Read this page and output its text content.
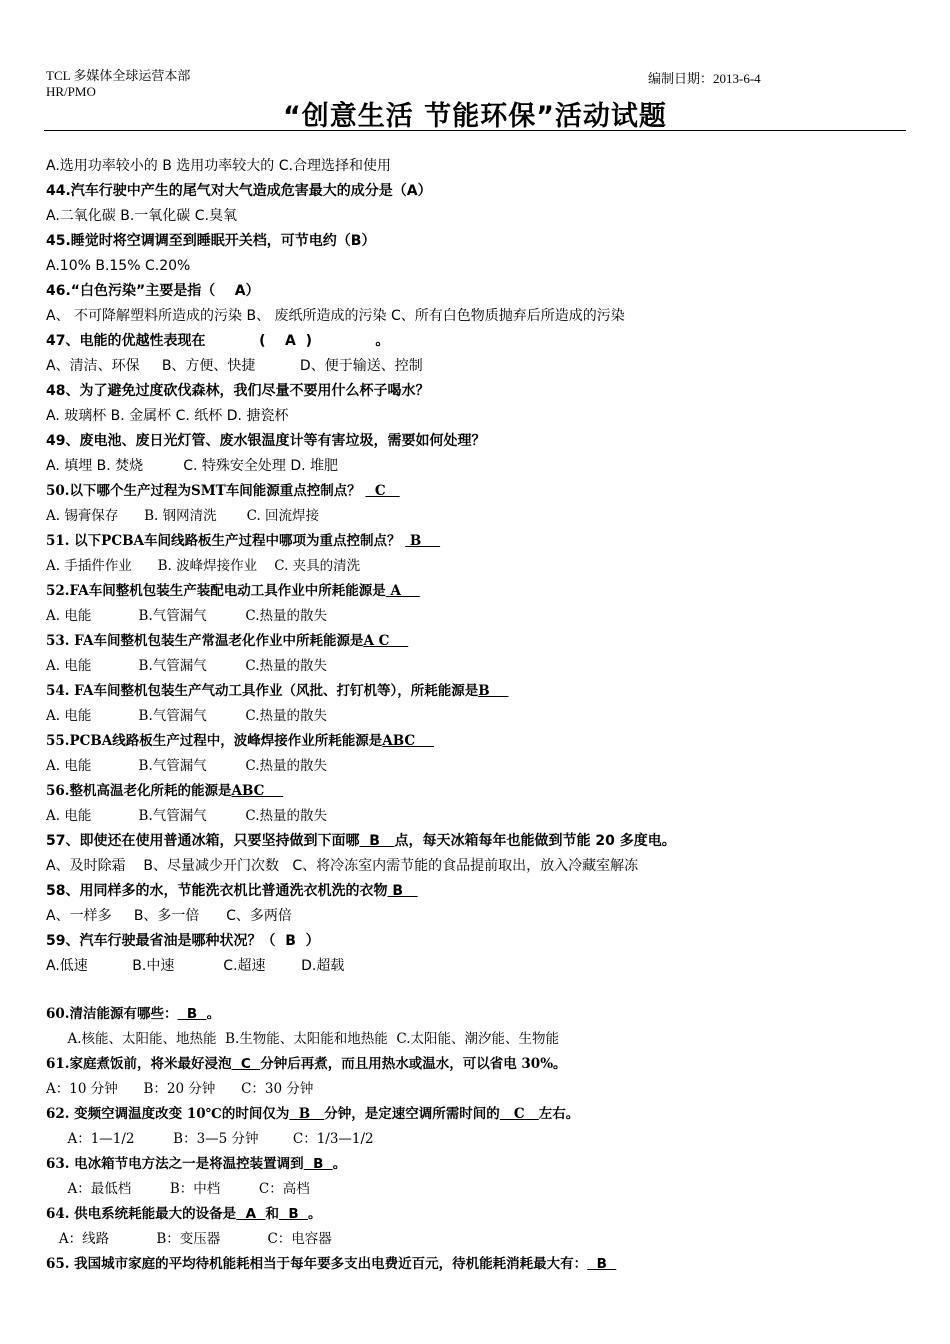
TCL 多媒体全球运营本部
HR/PMO
编制日期：2013-6-4
“创意生活 节能环保”活动试题
A.选用功率较小的 B 选用功率较大的 C.合理选择和使用
44.汽车行驶中产生的尾气对大气造成危害最大的成分是（A）
A.二氧化碳 B.一氧化碳 C.臭氧
45.睡觉时将空调调至到睡眠开关档，可节电约（B）
A.10% B.15% C.20%
46.“白色污染”主要是指（    A）
A、 不可降解塑料所造成的污染 B、 废纸所造成的污染 C、所有白色物质抛弃后所造成的污染
47、电能的优越性表现在           (    A  )             。
A、清洁、环保     B、方便、快捷          D、便于输送、控制
48、为了避免过度砍伐森林，我们尽量不要用什么杯子喝水？
A. 玻璃杯 B. 金属杯 C. 纸杯 D. 搪瓷杯
49、废电池、废日光灯管、废水银温度计等有害垃圾，需要如何处理？
A. 填埋 B. 焚烧         C. 特殊安全处理 D. 堆肥
50.以下哪个生产过程为SMT车间能源重点控制点？   C
A. 锡膏保存      B. 钢网清洗       C. 回流焊接
51. 以下PCBA车间线路板生产过程中哪项为重点控制点？  B
A. 手插件作业      B. 波峰焊接作业    C. 夹具的清洗
52.FA车间整机包装生产装配电动工具作业中所耗能源是 A
A. 电能           B.气管漏气         C.热量的散失
53. FA车间整机包装生产常温老化作业中所耗能源是A C
A. 电能           B.气管漏气         C.热量的散失
54. FA车间整机包装生产气动工具作业（风批、打钉机等），所耗能源是B
A. 电能           B.气管漏气         C.热量的散失
55.PCBA线路板生产过程中，波峰焊接作业所耗能源是ABC
A. 电能           B.气管漏气         C.热量的散失
56.整机高温老化所耗的能源是ABC
A. 电能           B.气管漏气         C.热量的散失
57、即使还在使用普通冰箱，只要坚持做到下面哪  B   点，每天冰箱每年也能做到节能 20 多度电。
A、及时除霜    B、尽量减少开门次数   C、将冷冻室内需节能的食品提前取出，放入冷藏室解冻
58、用同样多的水，节能洗衣机比普通洗衣机洗的衣物 B
A、一样多     B、多一倍      C、多两倍
59、汽车行驶最省油是哪种状况？（  B  ）
A.低速          B.中速           C.超速        D.超载
60.清洁能源有哪些：  B  。
A.核能、太阳能、地热能  B.生物能、太阳能和地热能  C.太阳能、潮汐能、生物能
61.家庭煮饭前，将米最好浸泡  C  分钟后再煮，而且用热水或温水，可以省电 30%。
A：10 分钟      B：20 分钟      C：30 分钟
62. 变频空调温度改变 10℃的时间仅为  B   分钟，是定速空调所需时间的   C   左右。
A：1—1/2         B：3—5 分钟        C：1/3—1/2
63. 电冰箱节电方法之一是将温控装置调到  B  。
A：最低档         B：中档         C：高档
64. 供电系统耗能最大的设备是  A  和  B  。
A：线路           B：变压器           C：电容器
65. 我国城市家庭的平均待机能耗相当于每年要多支出电费近百元，待机能耗消耗最大有：  B
